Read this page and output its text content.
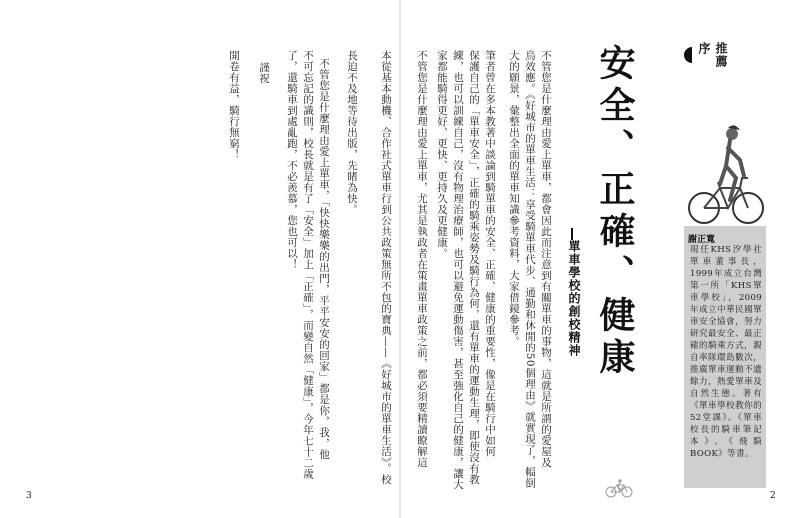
推薦序
謝正寬
現任KHS汐學社單車董事長，1999年成立台灣第一所「KHS單車學校」，2009年成立中華民國單車安全協會，努力研究最安全、最正確的騎乘方式，親自率隊環島數次，推廣單車運動不遺餘力，熱愛單車及自然生態。著有《單車學校教你的52堂課》、《單車校長的騎車筆記本》、《飛騎BOOK》等書。
安全、正確、健康
單車學校的創校精神
不管您是什麼理由愛上單車，都會因此而注意到有關單車的事物，這就是所謂的愛屋及
烏效應。《好城市的單車生活：享受騎單車代步、通勤和休閒的50個理由》就實現了，幅倒
大的願景，彙整出全面的單車知識參考資料，大家借鏡參考。
筆者曾在多本教著中談論到騎單車的安全、正確、健康的重要性，像是在騎行中如何
保護自己的「單車安全」，正確的騎乘姿勢及騎行為何，還有單車的運動生理，即使沒有教
練，也可以訓練自己，沒有物理治療師，也可以避免運動傷害，甚至強化自己的健康，讓大
家都能騎得更好、更快、更持久及更健康。
不管您是什麼理由愛上單車，尤其是執政者在策畫單車政策之前，都必須要精讀瞭解這
本從基本動機、合作社式單車行到公共政策無所不包的寶典——《好城市的單車生活》。校
長迫不及地等待出版，先睹為快。
不管您是什麼理由愛上單車，「快快樂樂的出門，平平安安的回家」都是你，我，他
不可忘記的識則，校長就是有了「安全」加上「正確」，而變自然「健康」，今年七十二歲
了，還騎車到處亂跑，不必羨慕，您也可以！
謹祝
開卷有益，騎行無窮！
3	2
